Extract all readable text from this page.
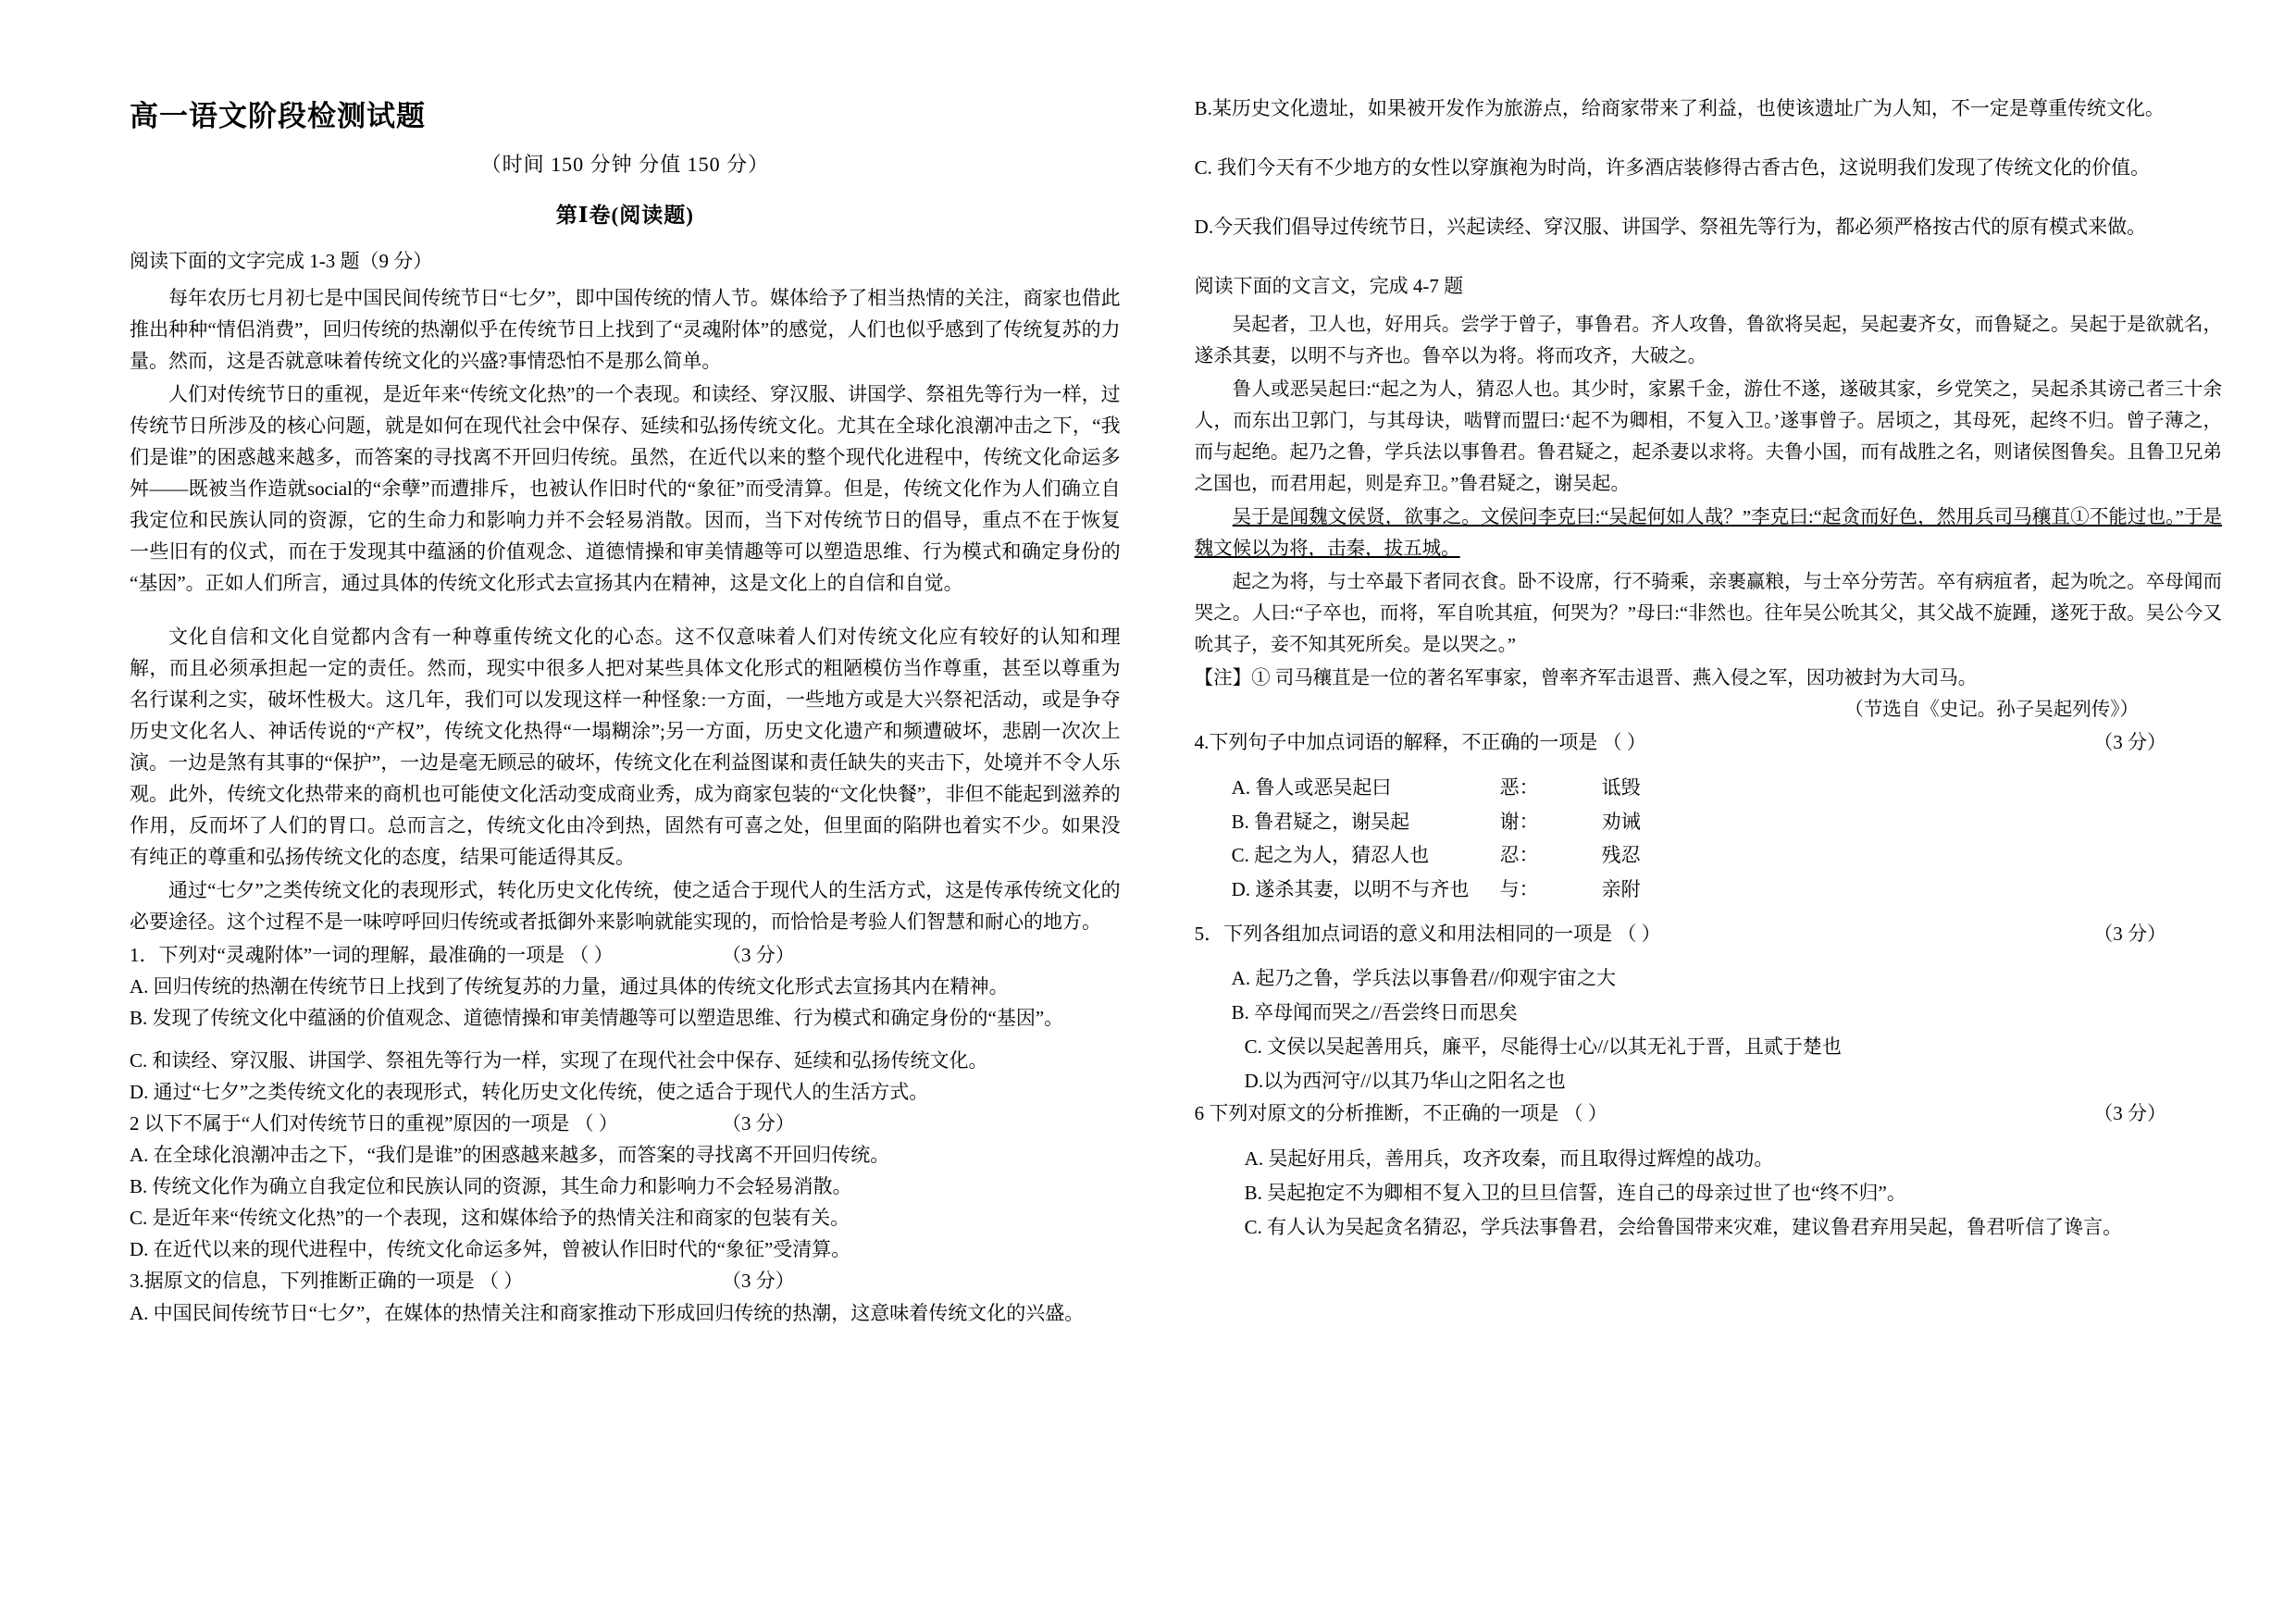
高一语文阶段检测试题
（时间 150 分钟 分值 150 分）
第Ⅰ卷(阅读题)
阅读下面的文字完成 1-3 题（9 分）

每年农历七月初七是中国民间传统节日“七夕”，即中国传统的情人节。媒体给予了相当热情的关注，商家也借此推出种种“情侣消费”，回归传统的热潮似乎在传统节日上找到了“灵魂附体”的感觉，人们也似乎感到了传统复苏的力量。然而，这是否就意味着传统文化的兴盛?事情恐怕不是那么简单。

人们对传统节日的重视，是近年来“传统文化热”的一个表现。和读经、穿汉服、讲国学、祭祖先等行为一样，过传统节日所涉及的核心问题，就是如何在现代社会中保存、延续和弘扬传统文化。尤其在全球化浪潮冲击之下，“我们是谁”的困惑越来越多，而答案的寻找离不开回归传统。虽然，在近代以来的整个现代化进程中，传统文化命运多舛——既被当作造就social的“余孽”而遭排斥，也被认作旧时代的“象征”而受清算。但是，传统文化作为人们确立自我定位和民族认同的资源，它的生命力和影响力并不会轻易消散。因而，当下对传统节日的倡导，重点不在于恢复一些旧有的仪式，而在于发现其中蕴涵的价值观念、道德情操和审美情趣等可以塑造思维、行为模式和确定身份的“基因”。正如人们所言，通过具体的传统文化形式去宣扬其内在精神，这是文化上的自信和自觉。

文化自信和文化自觉都内含有一种尊重传统文化的心态。这不仅意味着人们对传统文化应有较好的认知和理解，而且必须承担起一定的责任。然而，现实中很多人把对某些具体文化形式的粗陋模仿当作尊重，甚至以尊重为名行谋利之实，破坏性极大。这几年，我们可以发现这样一种怪象:一方面，一些地方或是大兴祭祀活动，或是争夺历史文化名人、神话传说的“产权”，传统文化热得“一塌糊涂”;另一方面，历史文化遗产和频遭破坏，悲剧一次次上演。一边是煞有其事的“保护”，一边是毫无顾忌的破坏，传统文化在利益图谋和责任缺失的夹击下，处境并不令人乐观。此外，传统文化热带来的商机也可能使文化活动变成商业秀，成为商家包装的“文化快餐”，非但不能起到滋养的作用，反而坏了人们的胃口。总而言之，传统文化由冷到热，固然有可喜之处，但里面的陷阱也着实不少。如果没有纯正的尊重和弘扬传统文化的态度，结果可能适得其反。

通过“七夕”之类传统文化的表现形式，转化历史文化传统，使之适合于现代人的生活方式，这是传承传统文化的必要途径。这个过程不是一味哼呼回归传统或者抵御外来影响就能实现的，而恰恰是考验人们智慧和耐心的地方。

1．下列对“灵魂附体”一词的理解，最准确的一项是 （ ）	（3 分）

A. 回归传统的热潮在传统节日上找到了传统复苏的力量，通过具体的传统文化形式去宣扬其内在精神。

B. 发现了传统文化中蕴涵的价值观念、道德情操和审美情趣等可以塑造思维、行为模式和确定身份的“基因”。

C. 和读经、穿汉服、讲国学、祭祖先等行为一样，实现了在现代社会中保存、延续和弘扬传统文化。

D. 通过“七夕”之类传统文化的表现形式，转化历史文化传统，使之适合于现代人的生活方式。

2 以下不属于“人们对传统节日的重视”原因的一项是 （ ）	（3 分）

A. 在全球化浪潮冲击之下，“我们是谁”的困惑越来越多，而答案的寻找离不开回归传统。

B. 传统文化作为确立自我定位和民族认同的资源，其生命力和影响力不会轻易消散。

C. 是近年来“传统文化热”的一个表现，这和媒体给予的热情关注和商家的包装有关。

D. 在近代以来的现代进程中，传统文化命运多舛，曾被认作旧时代的“象征”受清算。

3.据原文的信息，下列推断正确的一项是 （ ）	（3 分）

A. 中国民间传统节日“七夕”，在媒体的热情关注和商家推动下形成回归传统的热潮，这意味着传统文化的兴盛。

B.某历史文化遗址，如果被开发作为旅游点，给商家带来了利益，也使该遗址广为人知，不一定是尊重传统文化。

C. 我们今天有不少地方的女性以穿旗袍为时尚，许多酒店装修得古香古色，这说明我们发现了传统文化的价值。

D.今天我们倡导过传统节日，兴起读经、穿汉服、讲国学、祭祖先等行为，都必须严格按古代的原有模式来做。

阅读下面的文言文，完成 4-7 题

吴起者，卫人也，好用兵。尝学于曾子，事鲁君。齐人攻鲁，鲁欲将吴起，吴起妻齐女，而鲁疑之。吴起于是欲就名，遂杀其妻，以明不与齐也。鲁卒以为将。将而攻齐，大破之。

鲁人或恶吴起曰:“起之为人，猜忍人也。其少时，家累千金，游仕不遂，遂破其家，乡党笑之，吴起杀其谤己者三十余人，而东出卫郭门，与其母诀，啮臂而盟曰:‘起不为卿相，不复入卫。’遂事曾子。居顷之，其母死，起终不归。曾子薄之，而与起绝。起乃之鲁，学兵法以事鲁君。鲁君疑之，起杀妻以求将。夫鲁小国，而有战胜之名，则诸侯图鲁矣。且鲁卫兄弟之国也，而君用起，则是弃卫。”鲁君疑之，谢吴起。

吴于是闻魏文侯贤，欲事之。文侯问李克曰:“吴起何如人哉？”李克曰:“起贪而好色，然用兵司马穰苴①不能过也。”于是魏文候以为将，击秦，拔五城。

起之为将，与士卒最下者同衣食。卧不设席，行不骑乘，亲裹赢粮，与士卒分劳苦。卒有病疽者，起为吮之。卒母闻而哭之。人曰:“子卒也，而将，军自吮其疽，何哭为？”母曰:“非然也。往年吴公吮其父，其父战不旋踵，遂死于敌。吴公今又吮其子，妾不知其死所矣。是以哭之。”

【注】① 司马穰苴是一位的著名军事家，曾率齐军击退晋、燕入侵之军，因功被封为大司马。

（节选自《史记。孙子吴起列传》）

4.下列句子中加点词语的解释，不正确的一项是 （ ）	（3 分）
A. 鲁人或恶吴起曰	恶：	诋毁
B. 鲁君疑之，谢吴起	谢：	劝诫
C. 起之为人，猜忍人也	忍：	残忍
D. 遂杀其妻，以明不与齐也 与：	亲附
5．下列各组加点词语的意义和用法相同的一项是 （ ）	（3 分）

A. 起乃之鲁，学兵法以事鲁君//仰观宇宙之大

B. 卒母闻而哭之//吾尝终日而思矣

C. 文侯以吴起善用兵，廉平，尽能得士心//以其无礼于晋，且贰于楚也

D.以为西河守//以其乃华山之阳名之也

6 下列对原文的分析推断，不正确的一项是 （ ）	（3 分）

A. 吴起好用兵，善用兵，攻齐攻秦，而且取得过辉煌的战功。

B. 吴起抱定不为卿相不复入卫的旦旦信誓，连自己的母亲过世了也“终不归”。

C. 有人认为吴起贪名猜忍，学兵法事鲁君，会给鲁国带来灾难，建议鲁君弃用吴起，鲁君听信了谗言。
